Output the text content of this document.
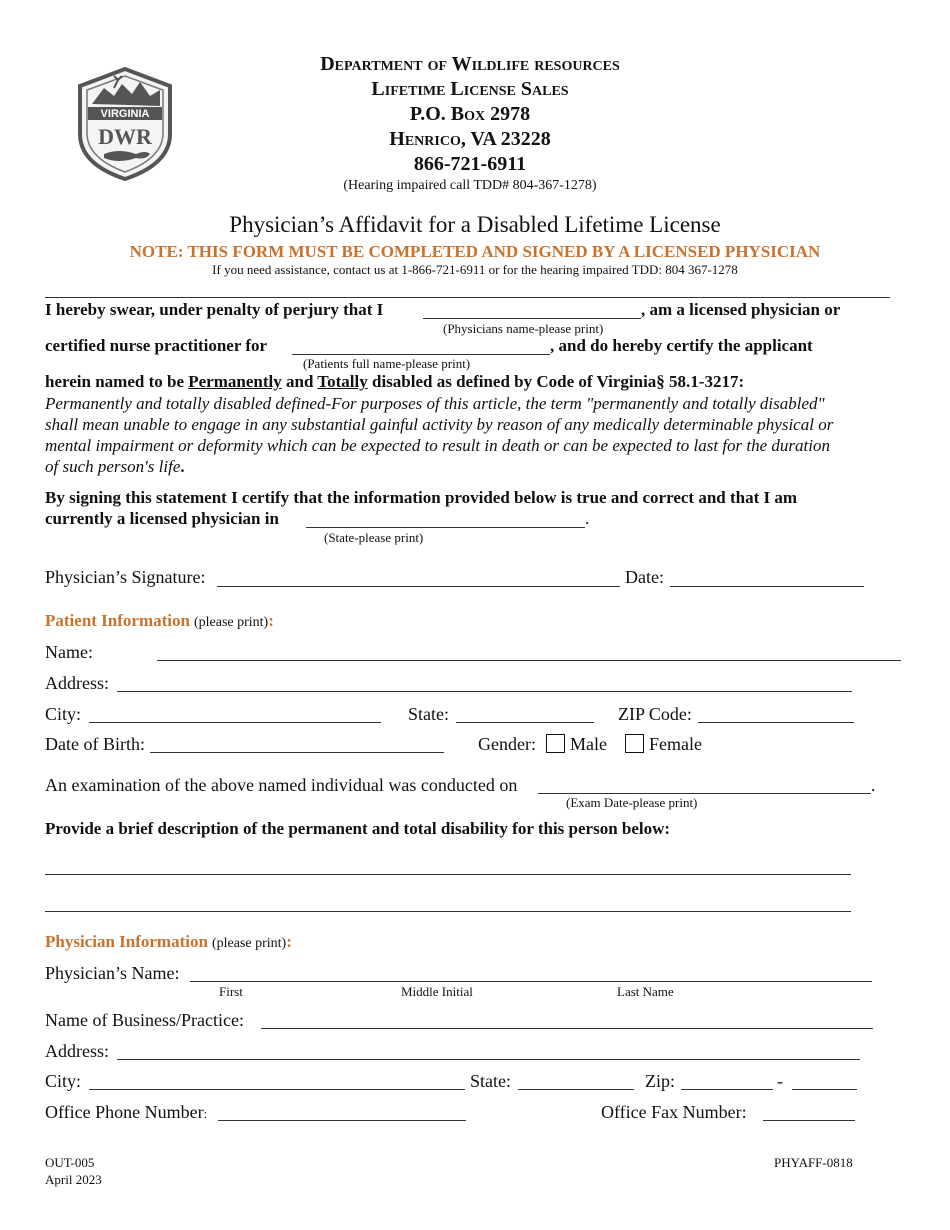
VIRGINIA
DWR
Department of Wildlife resources
Lifetime License Sales
P.O. Box 2978
Henrico, VA 23228
866-721-6911
(Hearing impaired call TDD# 804-367-1278)
Physician’s Affidavit for a Disabled Lifetime License
NOTE: THIS FORM MUST BE COMPLETED AND SIGNED BY A LICENSED PHYSICIAN
If you need assistance, contact us at 1-866-721-6911 or for the hearing impaired TDD: 804 367-1278
I hereby swear, under penalty of perjury that I	, am a licensed physician or
(Physicians name-please print)
certified nurse practitioner for	, and do hereby certify the applicant
(Patients full name-please print)
herein named to be Permanently and Totally disabled as defined by Code of Virginia§ 58.1-3217:
Permanently and totally disabled defined-For purposes of this article, the term "permanently and totally disabled"
shall mean unable to engage in any substantial gainful activity by reason of any medically determinable physical or
mental impairment or deformity which can be expected to result in death or can be expected to last for the duration
of such person's life.
By signing this statement I certify that the information provided below is true and correct and that I am
currently a licensed physician in	.
(State-please print)
Physician’s Signature:	Date:
Patient Information (please print):
Name:
Address:
City:	State:	ZIP Code:
Date of Birth:	Gender: Male Female
An examination of the above named individual was conducted on	.
(Exam Date-please print)
Provide a brief description of the permanent and total disability for this person below:
Physician Information (please print):
Physician’s Name:
First	Middle Initial	Last Name
Name of Business/Practice:
Address:
City:	State:	Zip:	-
Office Phone Number:	Office Fax Number:
OUT-005
April 2023
PHYAFF-0818
